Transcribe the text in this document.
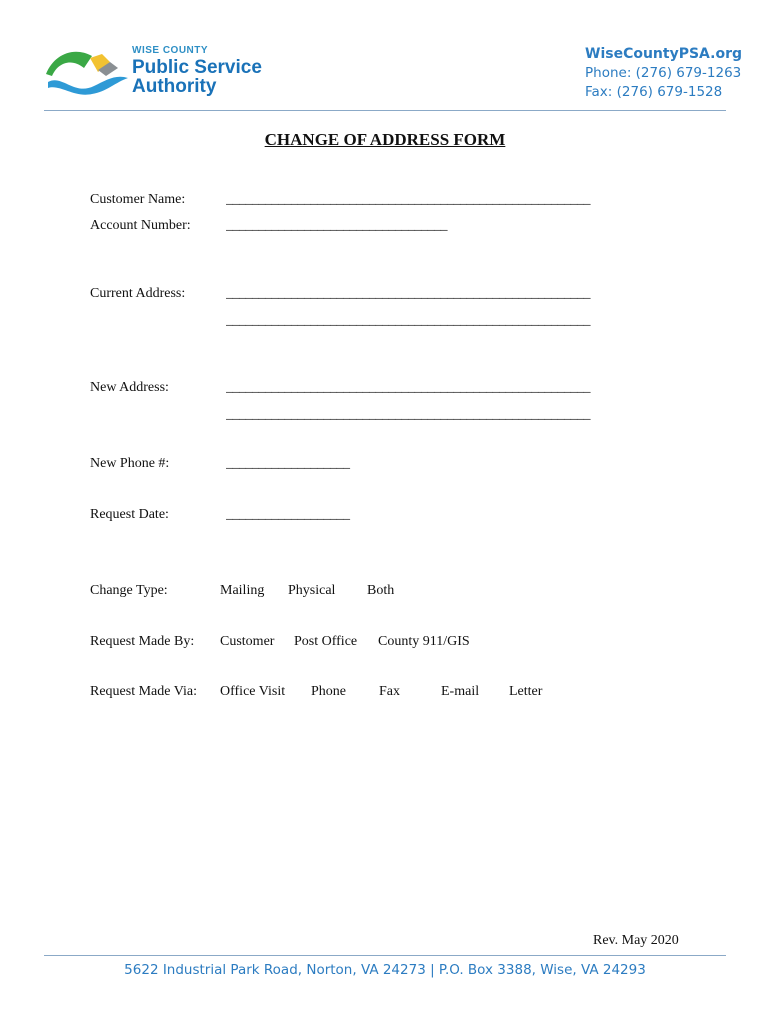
WISE COUNTY
Public Service
Authority
WiseCountyPSA.org
Phone: (276) 679-1263
Fax: (276) 679-1528
CHANGE OF ADDRESS FORM
Customer Name:	________________________________________________________
Account Number:	__________________________________
Current Address:	________________________________________________________
________________________________________________________
New Address:	________________________________________________________
________________________________________________________
New Phone #:	___________________
Request Date:	___________________
Change Type:	Mailing Physical Both
Request Made By: Customer Post Office County 911/GIS
Request Made Via: Office Visit Phone Fax	E-mail Letter
Rev. May 2020
5622 Industrial Park Road, Norton, VA 24273 | P.O. Box 3388, Wise, VA 24293
